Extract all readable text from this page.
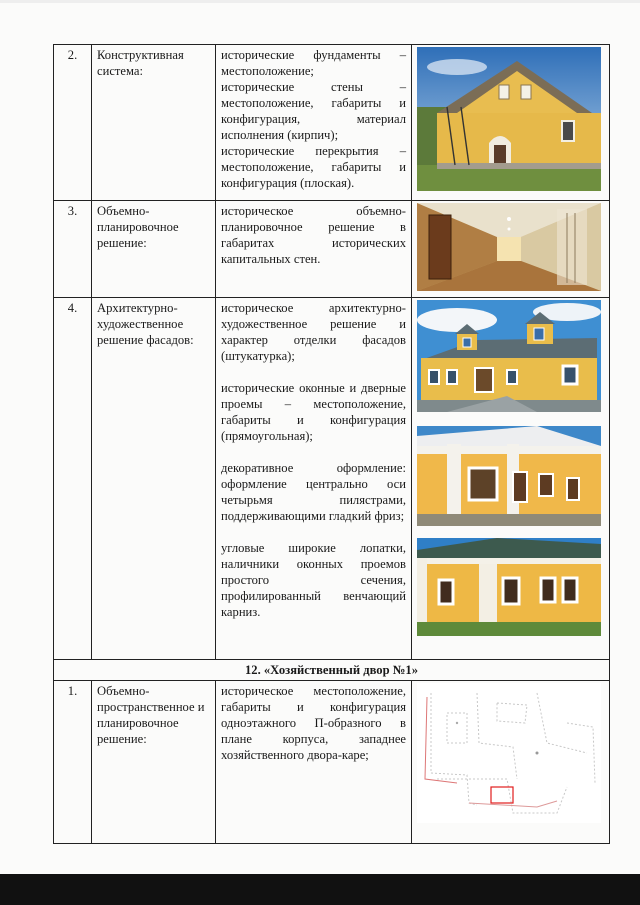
2.	Конструктивная система:	исторические фундаменты – местоположение;

исторические стены – местоположение, габариты и конфигурация, материал исполнения (кирпич);

исторические перекрытия – местоположение, габариты и конфигурация (плоская).

3.	Объемно-планировочное решение:	историческое объемно-планировочное решение в габаритах исторических капитальных стен.

4.	Архитектурно-художественное решение фасадов:	историческое архитектурно-художественное решение и характер отделки фасадов (штукатурка);

исторические оконные и дверные проемы – местоположение, габариты и конфигурация (прямоугольная);

декоративное оформление: оформление центрально оси четырьмя пилястрами, поддерживающими гладкий фриз;

угловые широкие лопатки, наличники оконных проемов простого сечения, профилированный венчающий карниз.

12. «Хозяйственный двор №1»			
1.	Объемно-пространственное и планировочное решение:	историческое местоположение, габариты и конфигурация одноэтажного П-образного в плане корпуса, западнее хозяйственного двора-каре;
